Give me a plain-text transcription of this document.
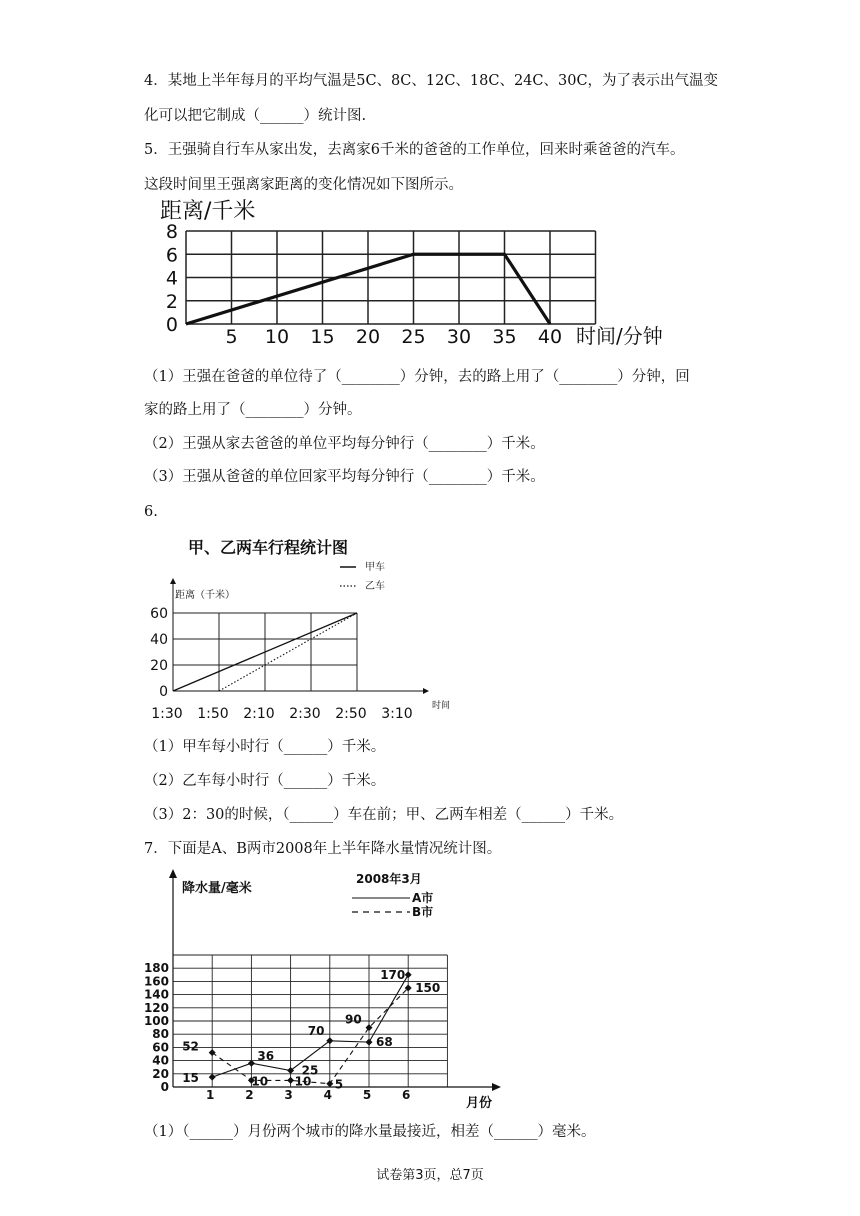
4．某地上半年每月的平均气温是5C、8C、12C、18C、24C、30C，为了表示出气温变
化可以把它制成（______）统计图.
5．王强骑自行车从家出发，去离家6千米的爸爸的工作单位，回来时乘爸爸的汽车。
这段时间里王强离家距离的变化情况如下图所示。
距离/千米
0
2
4
6
8
5 10 15 20 25 30 35 40 时间/分钟
（1）王强在爸爸的单位待了（________）分钟，去的路上用了（________）分钟，回
家的路上用了（________）分钟。
（2）王强从家去爸爸的单位平均每分钟行（________）千米。
（3）王强从爸爸的单位回家平均每分钟行（________）千米。
6.
甲、乙两车行程统计图
甲车
乙车
距离（千米）
0
20
40
60
1:30 1:50 2:10 2:30 2:50 3:10 时间
（1）甲车每小时行（______）千米。
（2）乙车每小时行（______）千米。
（3）2：30的时候，（______）车在前；甲、乙两车相差（______）千米。
7．下面是A、B两市2008年上半年降水量情况统计图。
降水量/毫米
2008年3月
A市
B市
0
20
40
60
80
100
120
140
160
180
1	2	3	4	5	6
月份
15
36
25
70
68
170
52
10 10 5
90
150
（1）（______）月份两个城市的降水量最接近，相差（______）毫米。
试卷第3页，总7页
